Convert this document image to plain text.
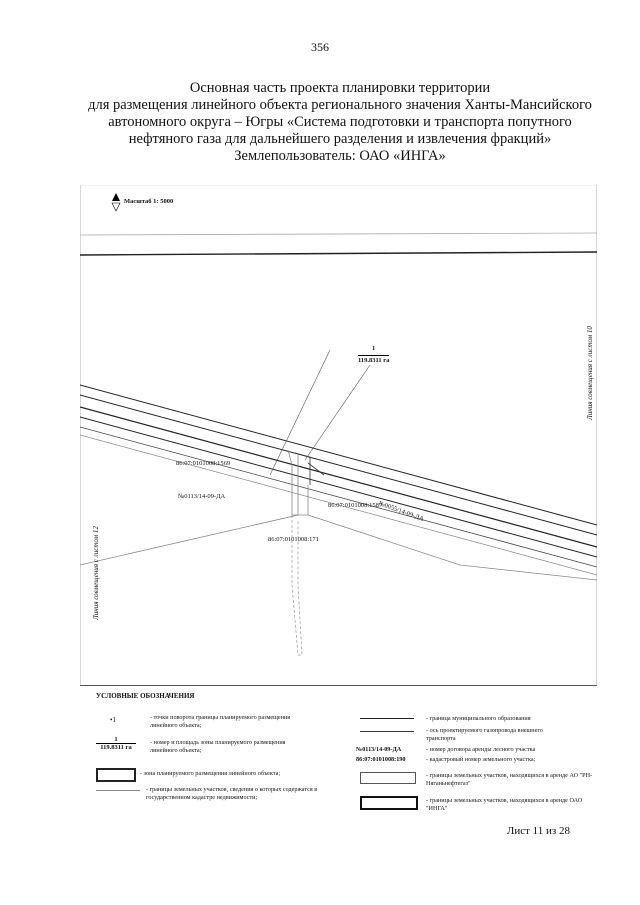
356
Основная часть проекта планировки территории
для размещения линейного объекта регионального значения Ханты-Мансийского
автономного округа – Югры «Система подготовки и транспорта попутного
нефтяного газа для дальнейшего разделения и извлечения фракций»
Землепользователь: ОАО «ИНГА»
Масштаб 1: 5000
1
119.8311 га
86:07:0101008:1569
№0113/14-09-ДА
86:07:0101008:1587
86:07:0101008:171
№0055/14-09-ДА
Линия совмещения с листом 10
Линия совмещения с листом 12
УСЛОВНЫЕ ОБОЗНАЧЕНИЯ
•1	- точки поворота границы планируемого размещения линейного объекта;
1
119.8311 га
- номер и площадь зоны планируемого размещения линейного объекта;
- зона планируемого размещения линейного объекта;
- границы земельных участков, сведения о которых содержатся в государственном кадастре недвижимости;
- граница муниципального образования
- ось проектируемого газопровода внешнего транспорта
№0113/14-09-ДА	- номер договора аренды лесного участка
86:07:0101008:190	- кадастровый номер земельного участка;
- границы земельных участков, находящихся в аренде АО "РН-Няганьнефтегаз"
- границы земельных участков, находящихся в аренде ОАО "ИНГА"
Лист 11 из 28
